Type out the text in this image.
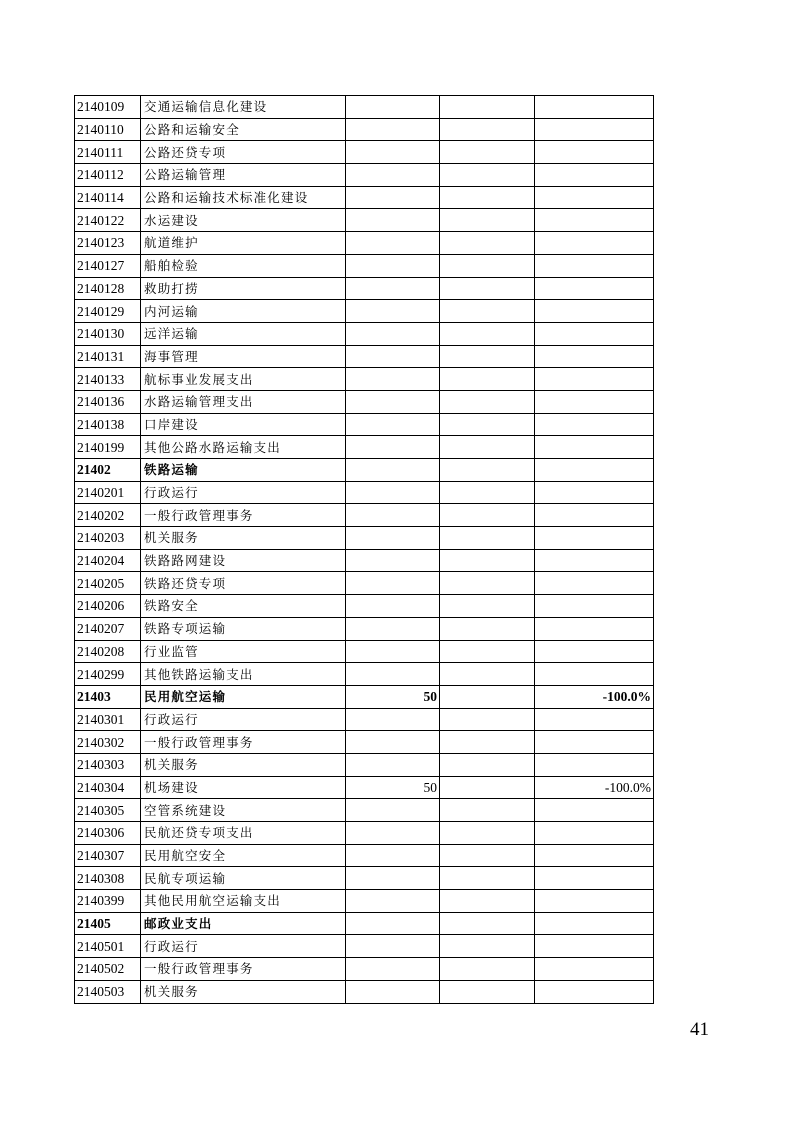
2140109	交通运输信息化建设			
2140110	公路和运输安全			
2140111	公路还贷专项			
2140112	公路运输管理			
2140114	公路和运输技术标准化建设			
2140122	水运建设			
2140123	航道维护			
2140127	船舶检验			
2140128	救助打捞			
2140129	内河运输			
2140130	远洋运输			
2140131	海事管理			
2140133	航标事业发展支出			
2140136	水路运输管理支出			
2140138	口岸建设			
2140199	其他公路水路运输支出			
21402	铁路运输			
2140201	行政运行			
2140202	一般行政管理事务			
2140203	机关服务			
2140204	铁路路网建设			
2140205	铁路还贷专项			
2140206	铁路安全			
2140207	铁路专项运输			
2140208	行业监管			
2140299	其他铁路运输支出			
21403	民用航空运输	50		-100.0%
2140301	行政运行			
2140302	一般行政管理事务			
2140303	机关服务			
2140304	机场建设	50		-100.0%
2140305	空管系统建设			
2140306	民航还贷专项支出			
2140307	民用航空安全			
2140308	民航专项运输			
2140399	其他民用航空运输支出			
21405	邮政业支出			
2140501	行政运行			
2140502	一般行政管理事务			
2140503	机关服务			
41
